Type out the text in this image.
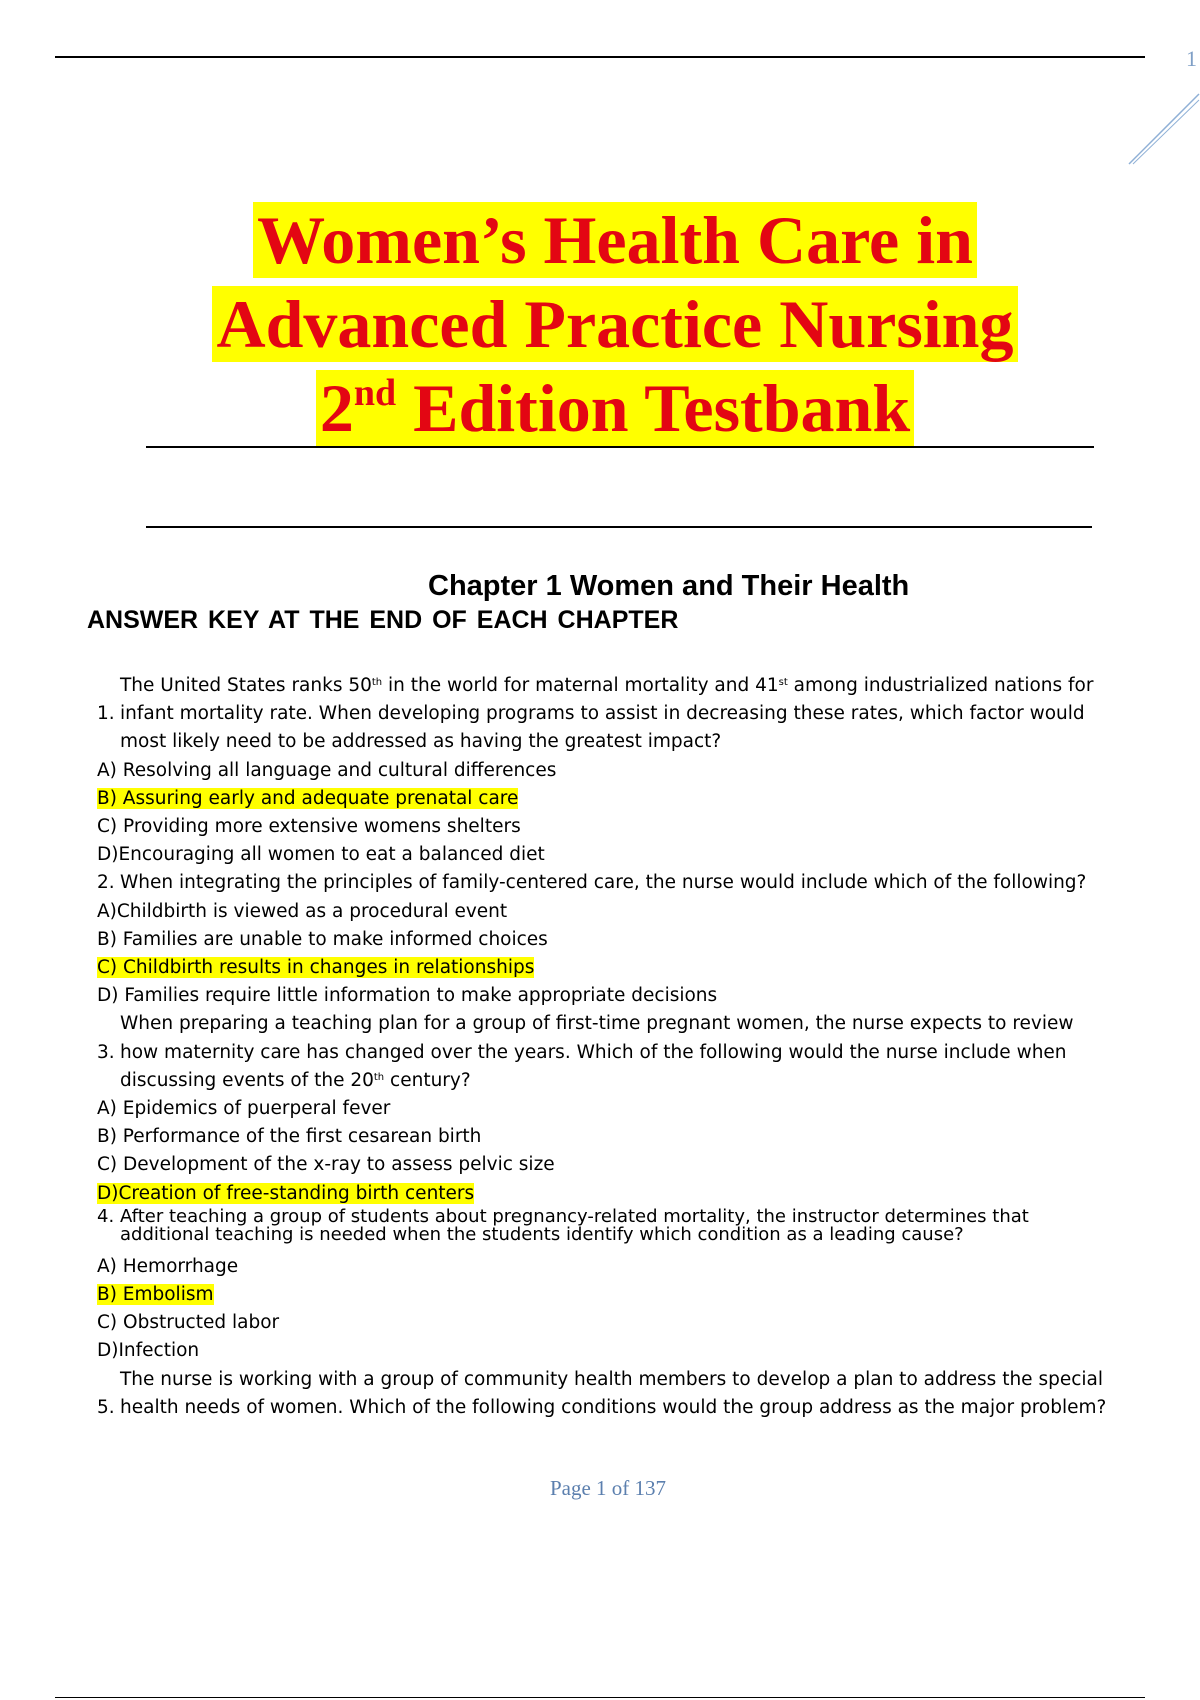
1
Women’s Health Care in
Advanced Practice Nursing
2nd Edition Testbank
Chapter 1 Women and Their Health
ANSWER KEY AT THE END OF EACH CHAPTER
1.
The United States ranks 50th in the world for maternal mortality and 41st among industrialized nations for infant mortality rate. When developing programs to assist in decreasing these rates, which factor would most likely need to be addressed as having the greatest impact?
A) Resolving all language and cultural differences
B) Assuring early and adequate prenatal care
C) Providing more extensive womens shelters
D)Encouraging all women to eat a balanced diet
2. When integrating the principles of family-centered care, the nurse would include which of the following?
A)Childbirth is viewed as a procedural event
B) Families are unable to make informed choices
C) Childbirth results in changes in relationships
D) Families require little information to make appropriate decisions
3.
When preparing a teaching plan for a group of first-time pregnant women, the nurse expects to review how maternity care has changed over the years. Which of the following would the nurse include when discussing events of the 20th century?
A) Epidemics of puerperal fever
B) Performance of the first cesarean birth
C) Development of the x-ray to assess pelvic size
D)Creation of free-standing birth centers
4. After teaching a group of students about pregnancy-related mortality, the instructor determines that additional teaching is needed when the students identify which condition as a leading cause?
A) Hemorrhage
B) Embolism
C) Obstructed labor
D)Infection
5.
The nurse is working with a group of community health members to develop a plan to address the special health needs of women. Which of the following conditions would the group address as the major problem?
Page 1 of 137
